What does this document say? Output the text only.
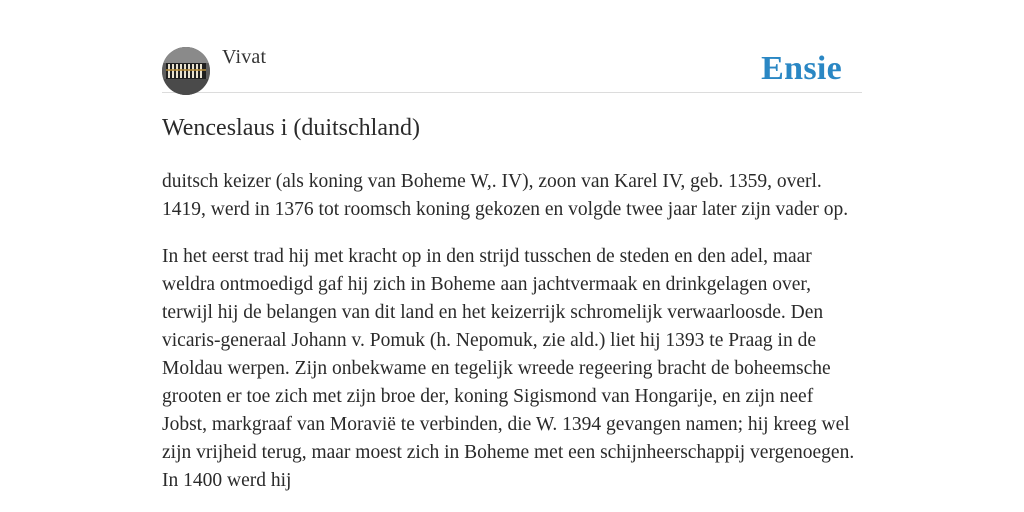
Vivat	Ensie
Wenceslaus i (duitschland)

duitsch keizer (als koning van Boheme W,. IV), zoon van Karel IV, geb. 1359, overl. 1419, werd in 1376 tot roomsch koning gekozen en volgde twee jaar later zijn vader op.

In het eerst trad hij met kracht op in den strijd tusschen de steden en den adel, maar weldra ontmoedigd gaf hij zich in Boheme aan jachtvermaak en drinkgelagen over, terwijl hij de belangen van dit land en het keizerrijk schromelijk verwaarloosde. Den vicaris-generaal Johann v. Pomuk (h. Nepomuk, zie ald.) liet hij 1393 te Praag in de Moldau werpen. Zijn onbekwame en tegelijk wreede regeering bracht de boheemsche grooten er toe zich met zijn broe der, koning Sigismond van Hongarije, en zijn neef Jobst, markgraaf van Moravië te verbinden, die W. 1394 gevangen namen; hij kreeg wel zijn vrijheid terug, maar moest zich in Boheme met een schijnheerschappij vergenoegen. In 1400 werd hij
